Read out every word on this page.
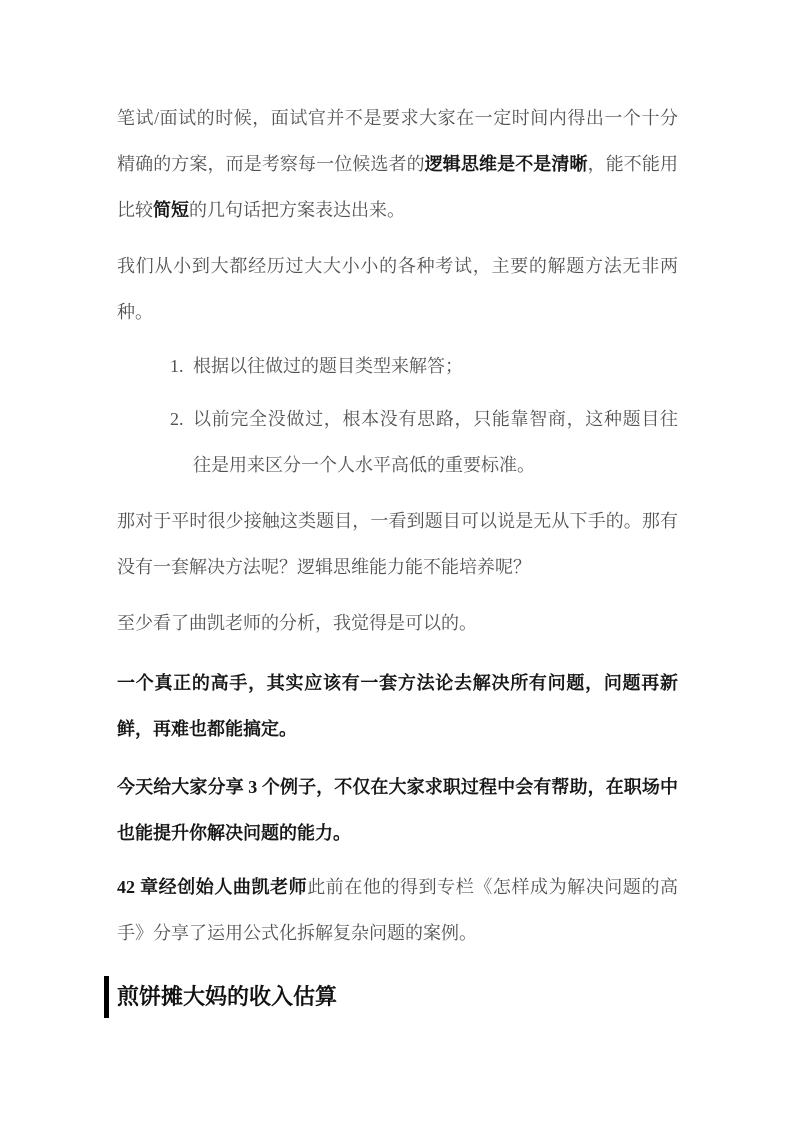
笔试/面试的时候，面试官并不是要求大家在一定时间内得出一个十分精确的方案，而是考察每一位候选者的逻辑思维是不是清晰，能不能用比较简短的几句话把方案表达出来。

我们从小到大都经历过大大小小的各种考试，主要的解题方法无非两种。

1. 根据以往做过的题目类型来解答；
2. 以前完全没做过，根本没有思路，只能靠智商，这种题目往往是用来区分一个人水平高低的重要标准。

那对于平时很少接触这类题目，一看到题目可以说是无从下手的。那有没有一套解决方法呢？逻辑思维能力能不能培养呢？

至少看了曲凯老师的分析，我觉得是可以的。

一个真正的高手，其实应该有一套方法论去解决所有问题，问题再新鲜，再难也都能搞定。

今天给大家分享 3 个例子，不仅在大家求职过程中会有帮助，在职场中也能提升你解决问题的能力。

42 章经创始人曲凯老师此前在他的得到专栏《怎样成为解决问题的高手》分享了运用公式化拆解复杂问题的案例。

煎饼摊大妈的收入估算
